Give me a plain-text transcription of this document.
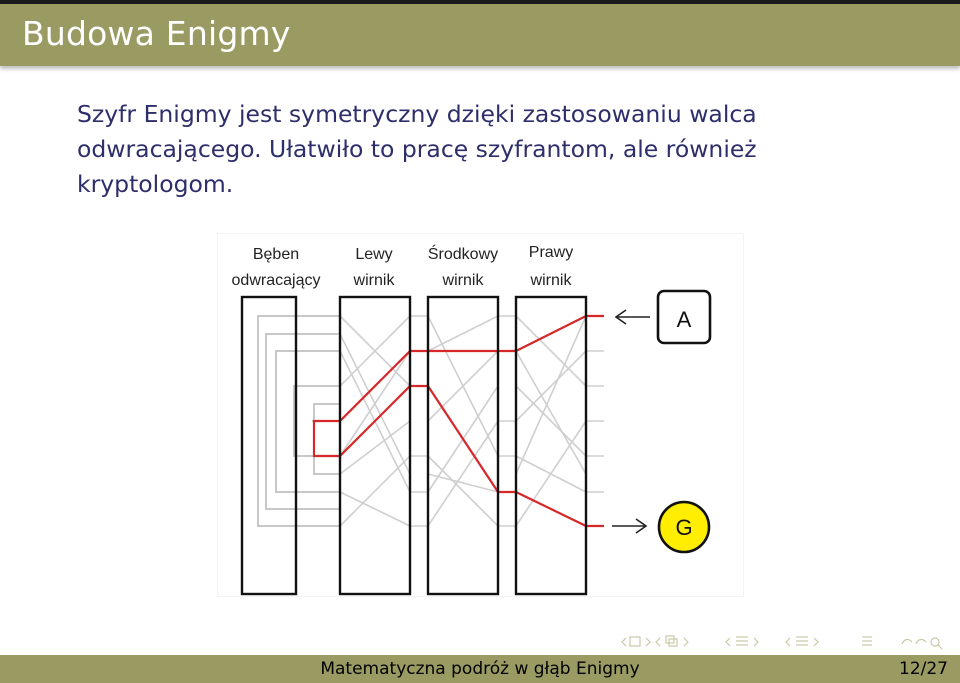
Budowa Enigmy
Szyfr Enigmy jest symetryczny dzięki zastosowaniu walca odwracającego. Ułatwiło to pracę szyfrantom, ale również kryptologom.
Bęben
odwracający
Lewy
wirnik
Środkowy
wirnik
Prawy
wirnik
A
G
Matematyczna podróż w głąb Enigmy	12/27
